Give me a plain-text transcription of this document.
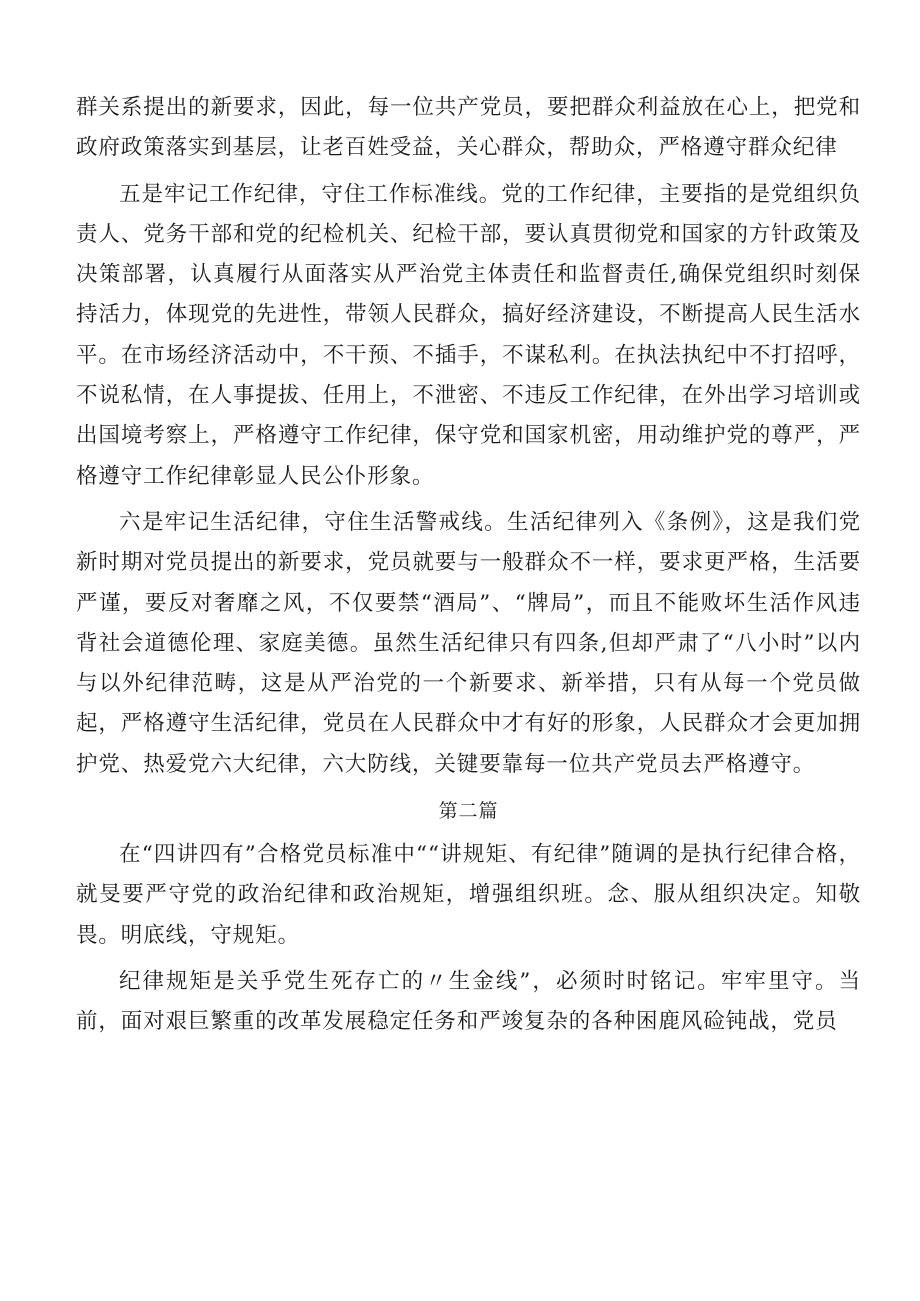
群关系提出的新要求，因此，每一位共产党员，要把群众利益放在心上，把党和政府政策落实到基层，让老百姓受益，关心群众，帮助众，严格遵守群众纪律

五是牢记工作纪律，守住工作标准线。党的工作纪律，主要指的是党组织负责人、党务干部和党的纪检机关、纪检干部，要认真贯彻党和国家的方针政策及决策部署，认真履行从面落实从严治党主体责任和监督责任,确保党组织时刻保持活力，体现党的先进性，带领人民群众，搞好经济建设，不断提高人民生活水平。在市场经济活动中，不干预、不插手，不谋私利。在执法执纪中不打招呼，不说私情，在人事提拔、任用上，不泄密、不违反工作纪律，在外出学习培训或出国境考察上，严格遵守工作纪律，保守党和国家机密，用动维护党的尊严，严格遵守工作纪律彰显人民公仆形象。

六是牢记生活纪律，守住生活警戒线。生活纪律列入《条例》，这是我们党新时期对党员提出的新要求，党员就要与一般群众不一样，要求更严格，生活要严谨，要反对奢靡之风，不仅要禁“酒局”、“牌局”，而且不能败坏生活作风违背社会道德伦理、家庭美德。虽然生活纪律只有四条,但却严肃了“八小时”以内与以外纪律范畴，这是从严治党的一个新要求、新举措，只有从每一个党员做起，严格遵守生活纪律，党员在人民群众中才有好的形象，人民群众才会更加拥护党、热爱党六大纪律，六大防线，关键要靠每一位共产党员去严格遵守。

第二篇

在“四讲四有”合格党员标准中““讲规矩、有纪律”随调的是执行纪律合格，就旻要严守党的政治纪律和政治规矩，增强组织班。念、服从组织决定。知敬畏。明底线，守规矩。

纪律规矩是关乎党生死存亡的〃生金线”，必须时时铭记。牢牢里守。当前，面对艰巨繁重的改革发展稳定任务和严竣复杂的各种困鹿风硷钝战，党员
